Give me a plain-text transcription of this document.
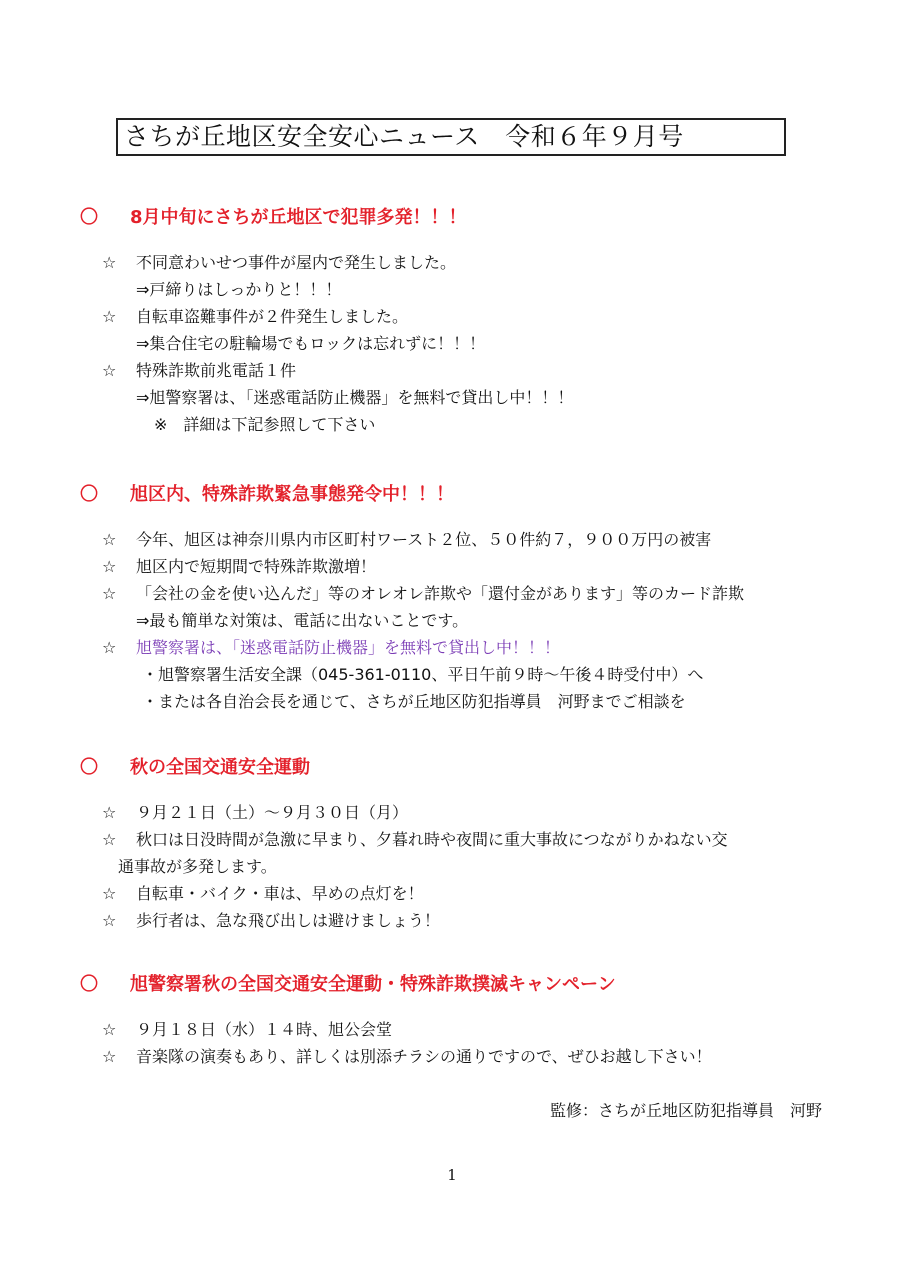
さちが丘地区安全安心ニュース　令和６年９月号
〇 8月中旬にさちが丘地区で犯罪多発！！！
☆ 不同意わいせつ事件が屋内で発生しました。
⇒戸締りはしっかりと！！！
☆ 自転車盗難事件が２件発生しました。
⇒集合住宅の駐輪場でもロックは忘れずに！！！
☆ 特殊詐欺前兆電話１件
⇒旭警察署は、「迷惑電話防止機器」を無料で貸出し中！！！
※　詳細は下記参照して下さい
〇 旭区内、特殊詐欺緊急事態発令中！！！
☆ 今年、旭区は神奈川県内市区町村ワースト２位、５０件約７，９００万円の被害
☆ 旭区内で短期間で特殊詐欺激増！
☆ 「会社の金を使い込んだ」等のオレオレ詐欺や「還付金があります」等のカード詐欺
⇒最も簡単な対策は、電話に出ないことです。
☆ 旭警察署は、「迷惑電話防止機器」を無料で貸出し中！！！
・旭警察署生活安全課（045-361-0110、平日午前９時～午後４時受付中）へ
・または各自治会長を通じて、さちが丘地区防犯指導員　河野までご相談を
〇 秋の全国交通安全運動
☆ ９月２１日（土）～９月３０日（月）
☆ 秋口は日没時間が急激に早まり、夕暮れ時や夜間に重大事故につながりかねない交
通事故が多発します。
☆ 自転車・バイク・車は、早めの点灯を！
☆ 歩行者は、急な飛び出しは避けましょう！
〇 旭警察署秋の全国交通安全運動・特殊詐欺撲滅キャンペーン
☆ ９月１８日（水）１４時、旭公会堂
☆ 音楽隊の演奏もあり、詳しくは別添チラシの通りですので、ぜひお越し下さい！
監修：さちが丘地区防犯指導員　河野
1
